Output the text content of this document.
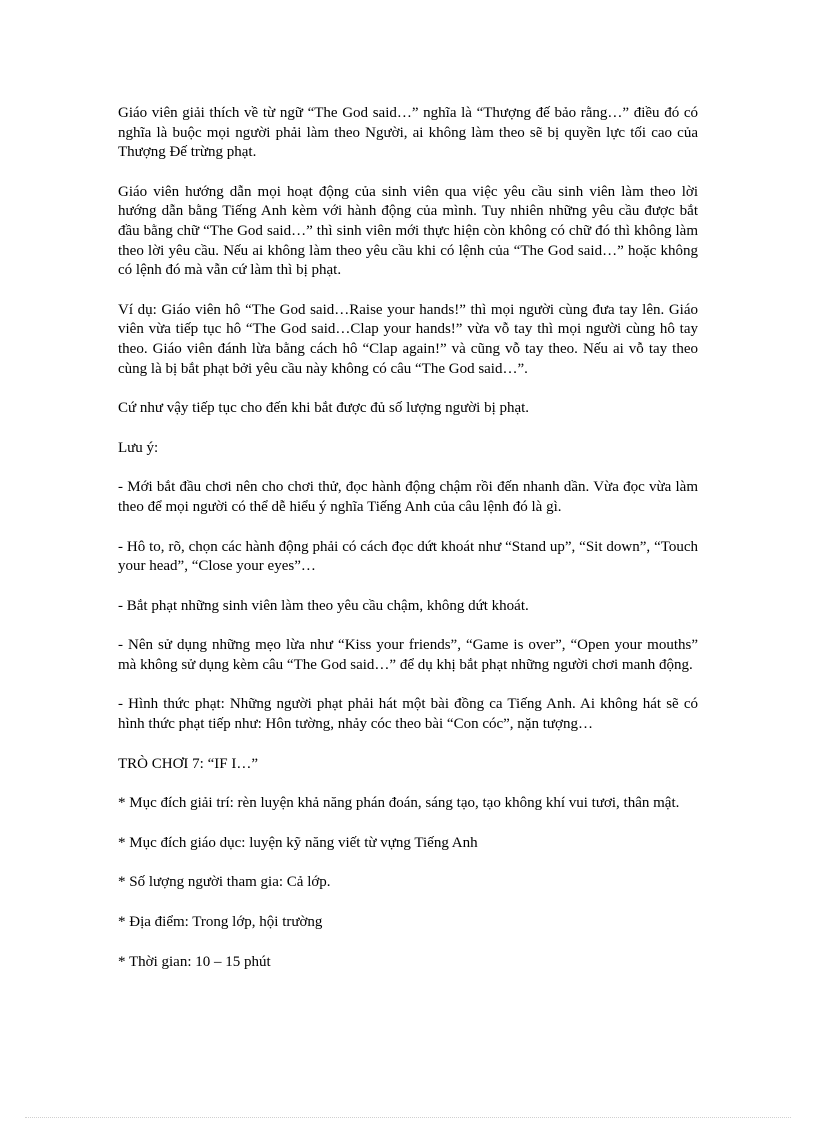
Giáo viên giải thích về từ ngữ “The God said…” nghĩa là “Thượng đế bảo rằng…” điều đó có nghĩa là buộc mọi người phải làm theo Người, ai không làm theo sẽ bị quyền lực tối cao của Thượng Đế trừng phạt.

Giáo viên hướng dẫn mọi hoạt động của sinh viên qua việc yêu cầu sinh viên làm theo lời hướng dẫn bằng Tiếng Anh kèm với hành động của mình. Tuy nhiên những yêu cầu được bắt đầu bằng chữ “The God said…” thì sinh viên mới thực hiện còn không có chữ đó thì không làm theo lời yêu cầu. Nếu ai không làm theo yêu cầu khi có lệnh của “The God said…” hoặc không có lệnh đó mà vẫn cứ làm thì bị phạt.

Ví dụ: Giáo viên hô “The God said…Raise your hands!” thì mọi người cùng đưa tay lên. Giáo viên vừa tiếp tục hô “The God said…Clap your hands!” vừa vỗ tay thì mọi người cùng hô tay theo. Giáo viên đánh lừa bằng cách hô “Clap again!” và cũng vỗ tay theo. Nếu ai vỗ tay theo cùng là bị bắt phạt bởi yêu cầu này không có câu “The God said…”.

Cứ như vậy tiếp tục cho đến khi bắt được đủ số lượng người bị phạt.

Lưu ý:

- Mới bắt đầu chơi nên cho chơi thử, đọc hành động chậm rồi đến nhanh dần. Vừa đọc vừa làm theo để mọi người có thể dễ hiểu ý nghĩa Tiếng Anh của câu lệnh đó là gì.

- Hô to, rõ, chọn các hành động phải có cách đọc dứt khoát như “Stand up”, “Sit down”, “Touch your head”, “Close your eyes”…

- Bắt phạt những sinh viên làm theo yêu cầu chậm, không dứt khoát.

- Nên sử dụng những mẹo lừa như “Kiss your friends”, “Game is over”, “Open your mouths” mà không sử dụng kèm câu “The God said…” để dụ khị bắt phạt những người chơi manh động.

- Hình thức phạt: Những người phạt phải hát một bài đồng ca Tiếng Anh. Ai không hát sẽ có hình thức phạt tiếp như: Hôn tường, nhảy cóc theo bài “Con cóc”, nặn tượng…

TRÒ CHƠI 7: “IF I…”

* Mục đích giải trí: rèn luyện khả năng phán đoán, sáng tạo, tạo không khí vui tươi, thân mật.

* Mục đích giáo dục: luyện kỹ năng viết từ vựng Tiếng Anh

* Số lượng người tham gia: Cả lớp.

* Địa điểm: Trong lớp, hội trường

* Thời gian: 10 – 15 phút
